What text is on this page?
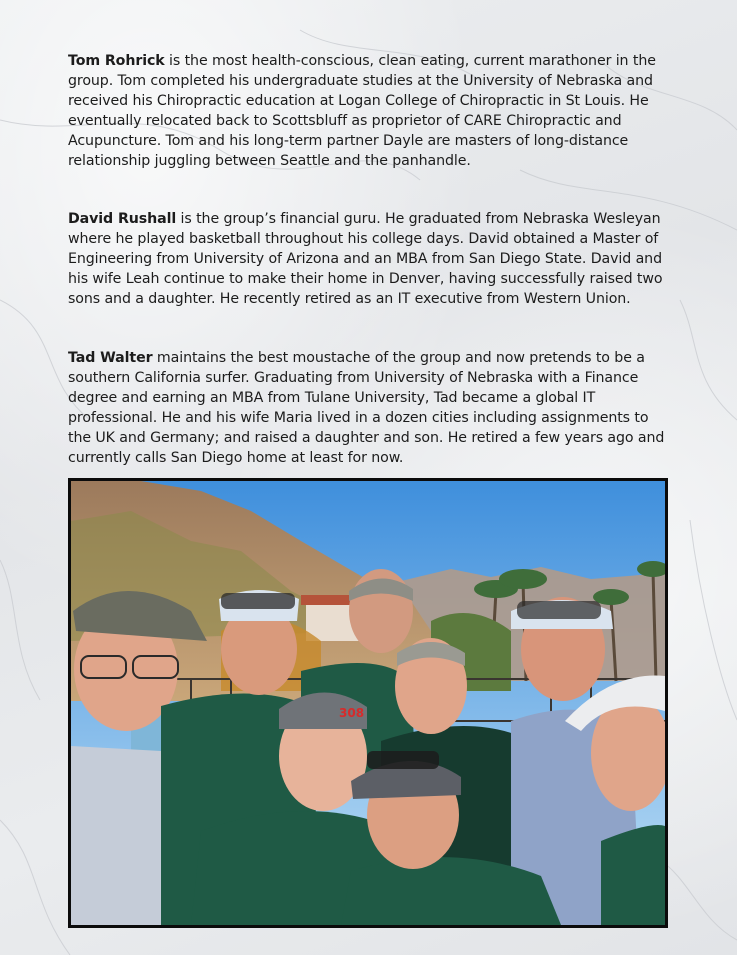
Tom Rohrick is the most health-conscious, clean eating, current marathoner in the group. Tom completed his undergraduate studies at the University of Nebraska and received his Chiropractic education at Logan College of Chiropractic in St Louis. He eventually relocated back to Scottsbluff as proprietor of CARE Chiropractic and Acupuncture. Tom and his long-term partner Dayle are masters of long-distance relationship juggling between Seattle and the panhandle.

David Rushall is the group’s financial guru. He graduated from Nebraska Wesleyan where he played basketball throughout his college days. David obtained a Master of Engineering from University of Arizona and an MBA from San Diego State. David and his wife Leah continue to make their home in Denver, having successfully raised two sons and a daughter. He recently retired as an IT executive from Western Union.

Tad Walter maintains the best moustache of the group and now pretends to be a southern California surfer. Graduating from University of Nebraska with a Finance degree and earning an MBA from Tulane University, Tad became a global IT professional. He and his wife Maria lived in a dozen cities including assignments to the UK and Germany; and raised a daughter and son. He retired a few years ago and currently calls San Diego home at least for now.

308
